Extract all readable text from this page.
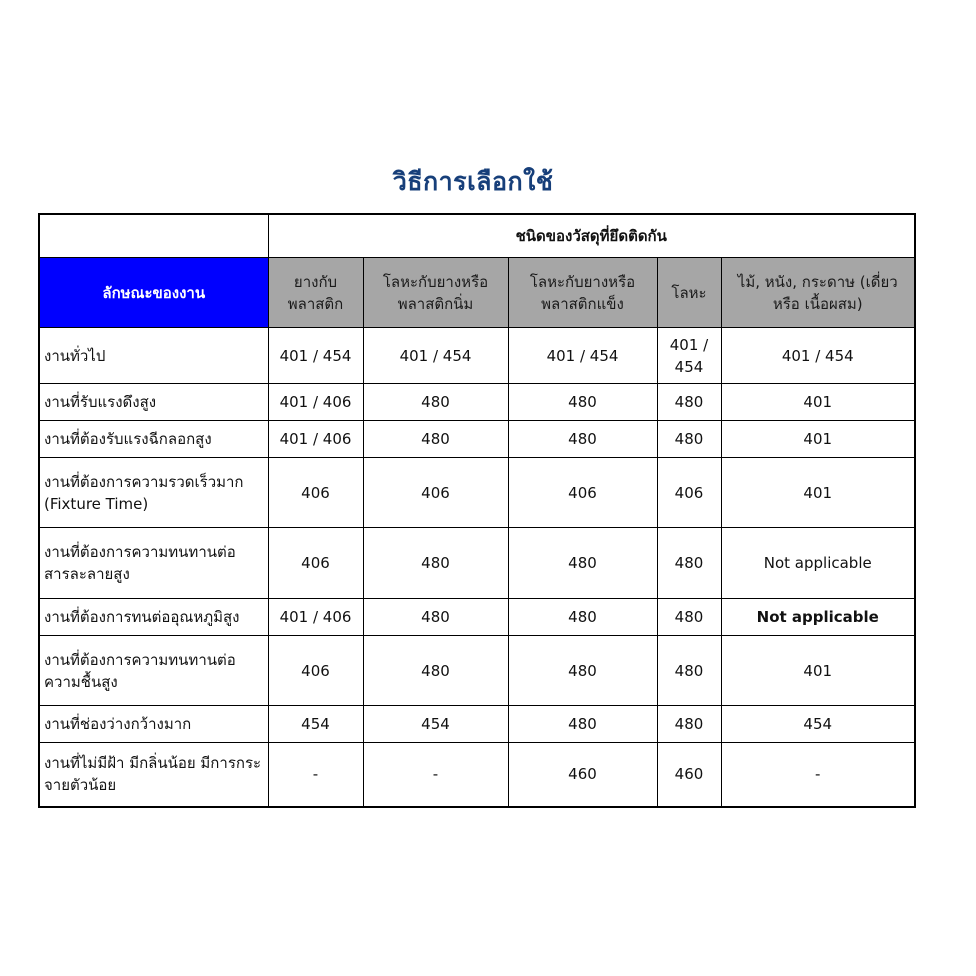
วิธีการเลือกใช้
	ชนิดของวัสดุที่ยึดติดกัน				
ลักษณะของงาน	ยางกับ พลาสติก	โลหะกับยางหรือ พลาสติกนิ่ม	โลหะกับยางหรือ พลาสติกแข็ง	โลหะ	ไม้, หนัง, กระดาษ (เดี่ยวหรือ เนื้อผสม)
งานทั่วไป	401 / 454	401 / 454	401 / 454	401 / 454	401 / 454
งานที่รับแรงดึงสูง	401 / 406	480	480	480	401
งานที่ต้องรับแรงฉีกลอกสูง	401 / 406	480	480	480	401
งานที่ต้องการความรวดเร็วมาก (Fixture Time)	406	406	406	406	401
งานที่ต้องการความทนทานต่อ สารละลายสูง	406	480	480	480	Not applicable
งานที่ต้องการทนต่ออุณหภูมิสูง	401 / 406	480	480	480	Not applicable
งานที่ต้องการความทนทานต่อ ความชื้นสูง	406	480	480	480	401
งานที่ช่องว่างกว้างมาก	454	454	480	480	454
งานที่ไม่มีฝ้า มีกลิ่นน้อย มีการกระจายตัวน้อย	-	-	460	460	-
